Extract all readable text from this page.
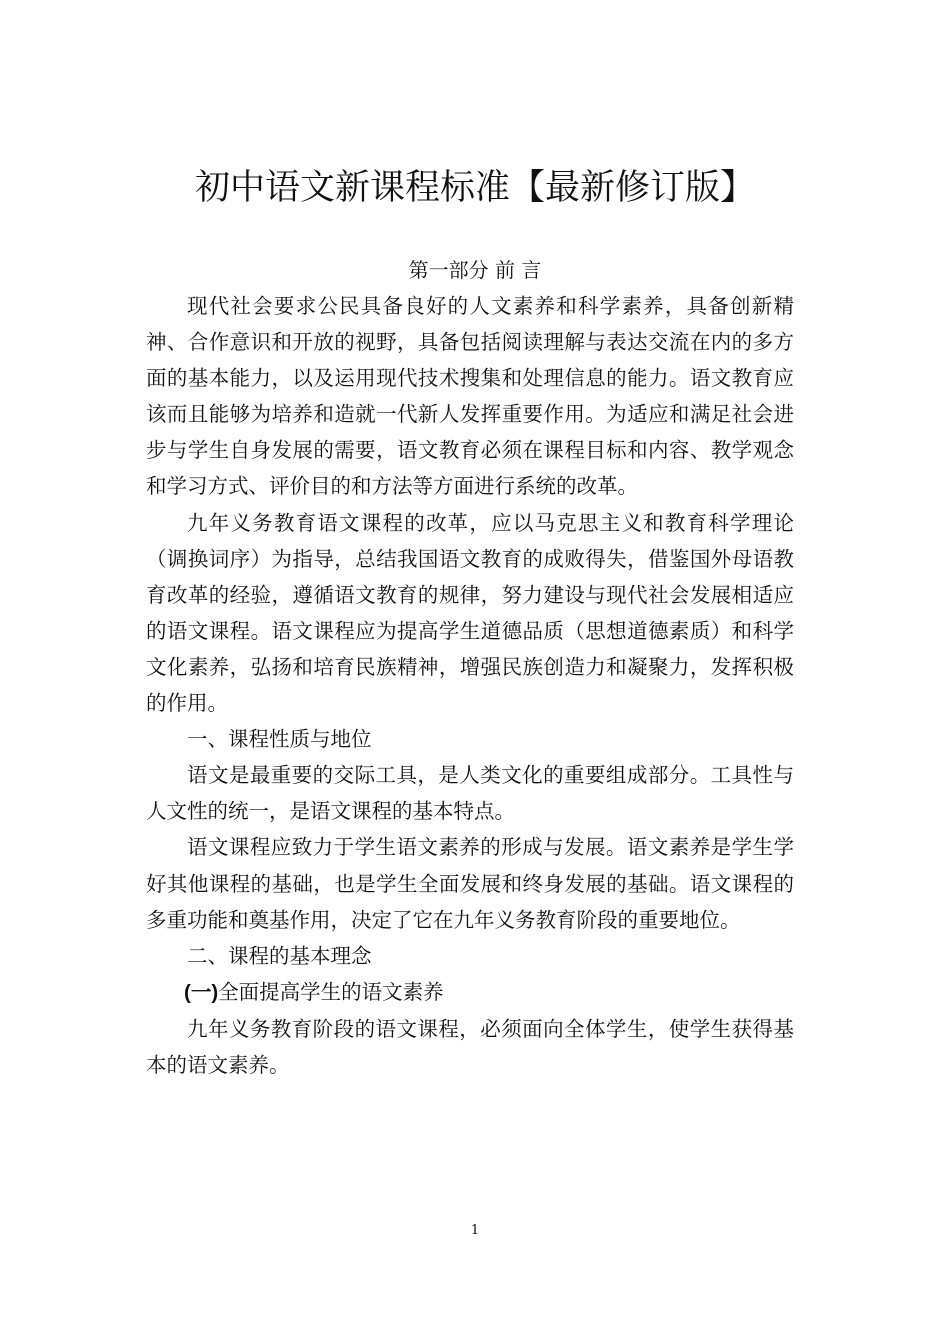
初中语文新课程标准【最新修订版】
第一部分 前 言

现代社会要求公民具备良好的人文素养和科学素养，具备创新精神、合作意识和开放的视野，具备包括阅读理解与表达交流在内的多方面的基本能力，以及运用现代技术搜集和处理信息的能力。语文教育应该而且能够为培养和造就一代新人发挥重要作用。为适应和满足社会进步与学生自身发展的需要，语文教育必须在课程目标和内容、教学观念和学习方式、评价目的和方法等方面进行系统的改革。

九年义务教育语文课程的改革，应以马克思主义和教育科学理论（调换词序）为指导，总结我国语文教育的成败得失，借鉴国外母语教育改革的经验，遵循语文教育的规律，努力建设与现代社会发展相适应的语文课程。语文课程应为提高学生道德品质（思想道德素质）和科学文化素养，弘扬和培育民族精神，增强民族创造力和凝聚力，发挥积极的作用。

一、课程性质与地位

语文是最重要的交际工具，是人类文化的重要组成部分。工具性与人文性的统一，是语文课程的基本特点。

语文课程应致力于学生语文素养的形成与发展。语文素养是学生学好其他课程的基础，也是学生全面发展和终身发展的基础。语文课程的多重功能和奠基作用，决定了它在九年义务教育阶段的重要地位。

二、课程的基本理念

(一)全面提高学生的语文素养

九年义务教育阶段的语文课程，必须面向全体学生，使学生获得基本的语文素养。

1
